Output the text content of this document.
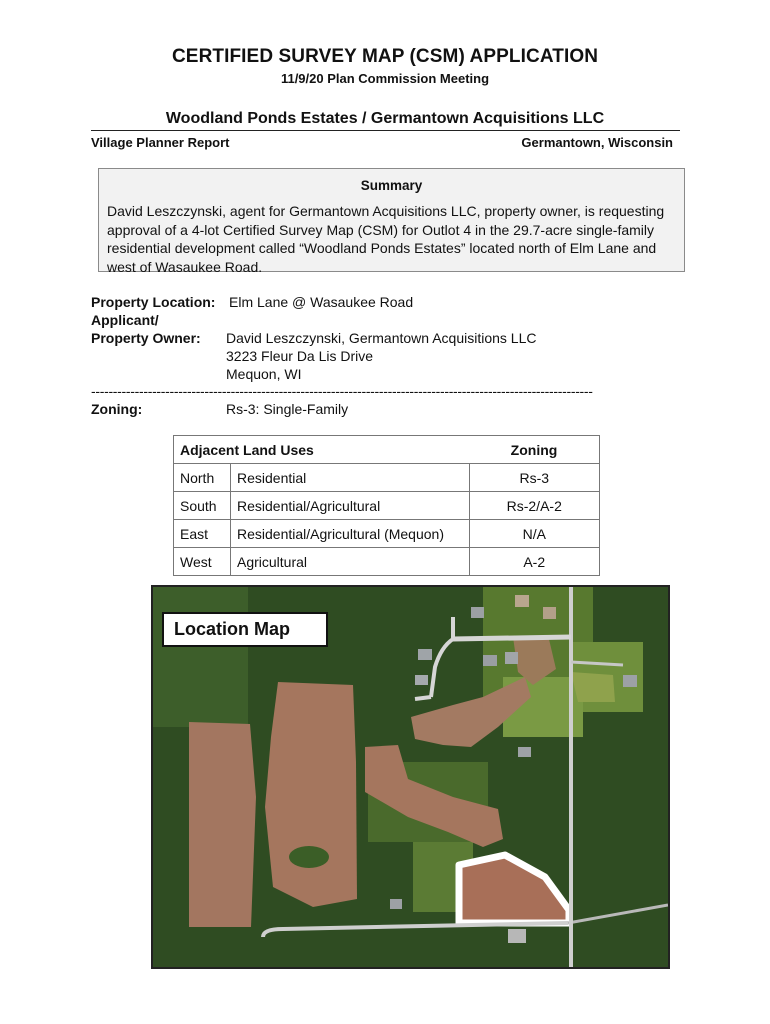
CERTIFIED SURVEY MAP (CSM) APPLICATION
11/9/20 Plan Commission Meeting
Woodland Ponds Estates / Germantown Acquisitions LLC
Village Planner Report	Germantown, Wisconsin
Summary
David Leszczynski, agent for Germantown Acquisitions LLC, property owner, is requesting approval of a 4-lot Certified Survey Map (CSM) for Outlot 4 in the 29.7-acre single-family residential development called “Woodland Ponds Estates” located north of Elm Lane and west of Wasaukee Road.
Property Location: Elm Lane @ Wasaukee Road
Applicant/
Property Owner: David Leszczynski, Germantown Acquisitions LLC
3223 Fleur Da Lis Drive
Mequon, WI
-------------------------------------------------------------------------------------------------------------------
Zoning:	Rs-3: Single-Family
Adjacent Land Uses		Zoning
North	Residential	Rs-3
South	Residential/Agricultural	Rs-2/A-2
East	Residential/Agricultural (Mequon)	N/A
West	Agricultural	A-2
Location Map
